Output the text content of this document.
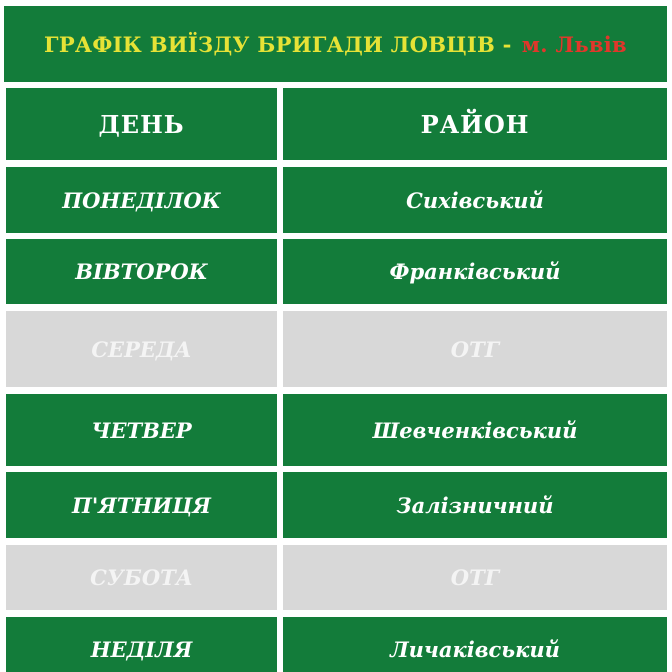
ГРАФІК ВИЇЗДУ БРИГАДИ ЛОВЦІВ - м. Львів
ДЕНЬ	РАЙОН
ПОНЕДІЛОК	Сихівський
ВІВТОРОК	Франківський
СЕРЕДА	ОТГ
ЧЕТВЕР	Шевченківський
П'ЯТНИЦЯ	Залізничний
СУБОТА	ОТГ
НЕДІЛЯ	Личаківський
